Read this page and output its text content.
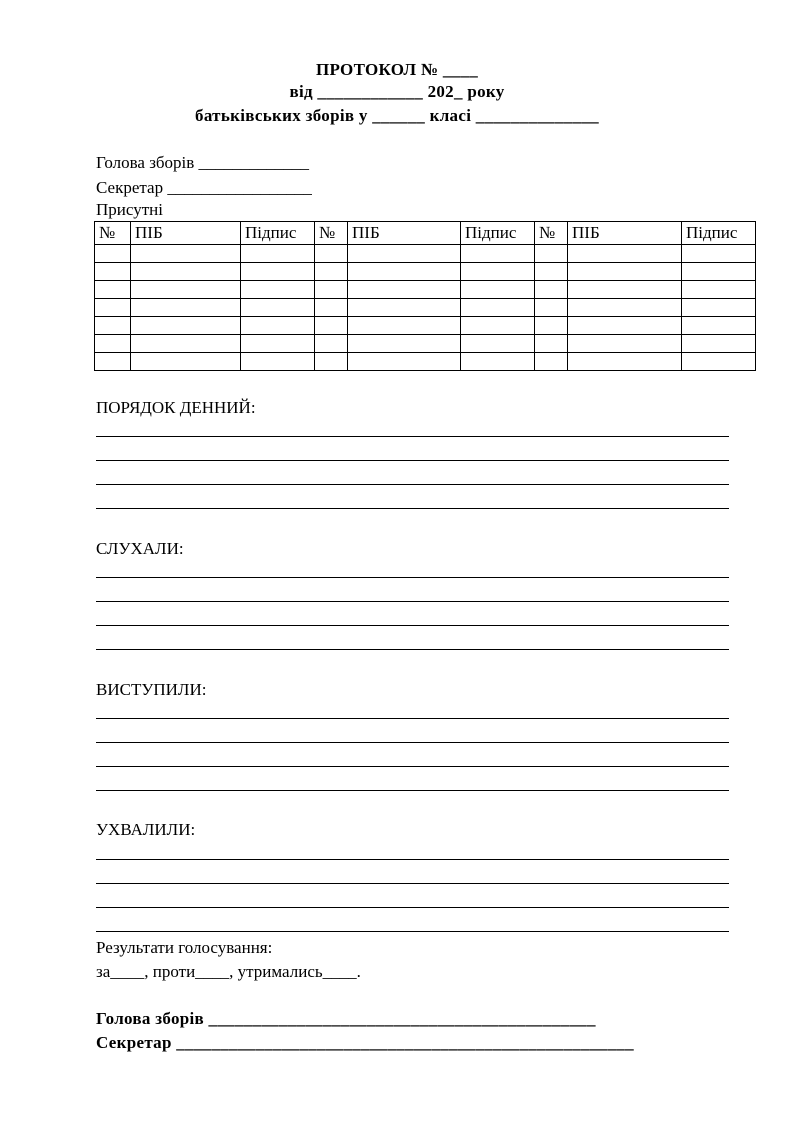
ПРОТОКОЛ № ____
від ____________ 202_ року
батьківських зборів у ______ класі ______________
Голова зборів _____________
Секретар _________________
Присутні
№	ПІБ	Підпис	№	ПІБ	Підпис	№	ПІБ	Підпис

ПОРЯДОК ДЕННИЙ:
СЛУХАЛИ:
ВИСТУПИЛИ:
УХВАЛИЛИ:
Результати голосування:
за____, проти____, утримались____.
Голова зборів ____________________________________________
Секретар ____________________________________________________
